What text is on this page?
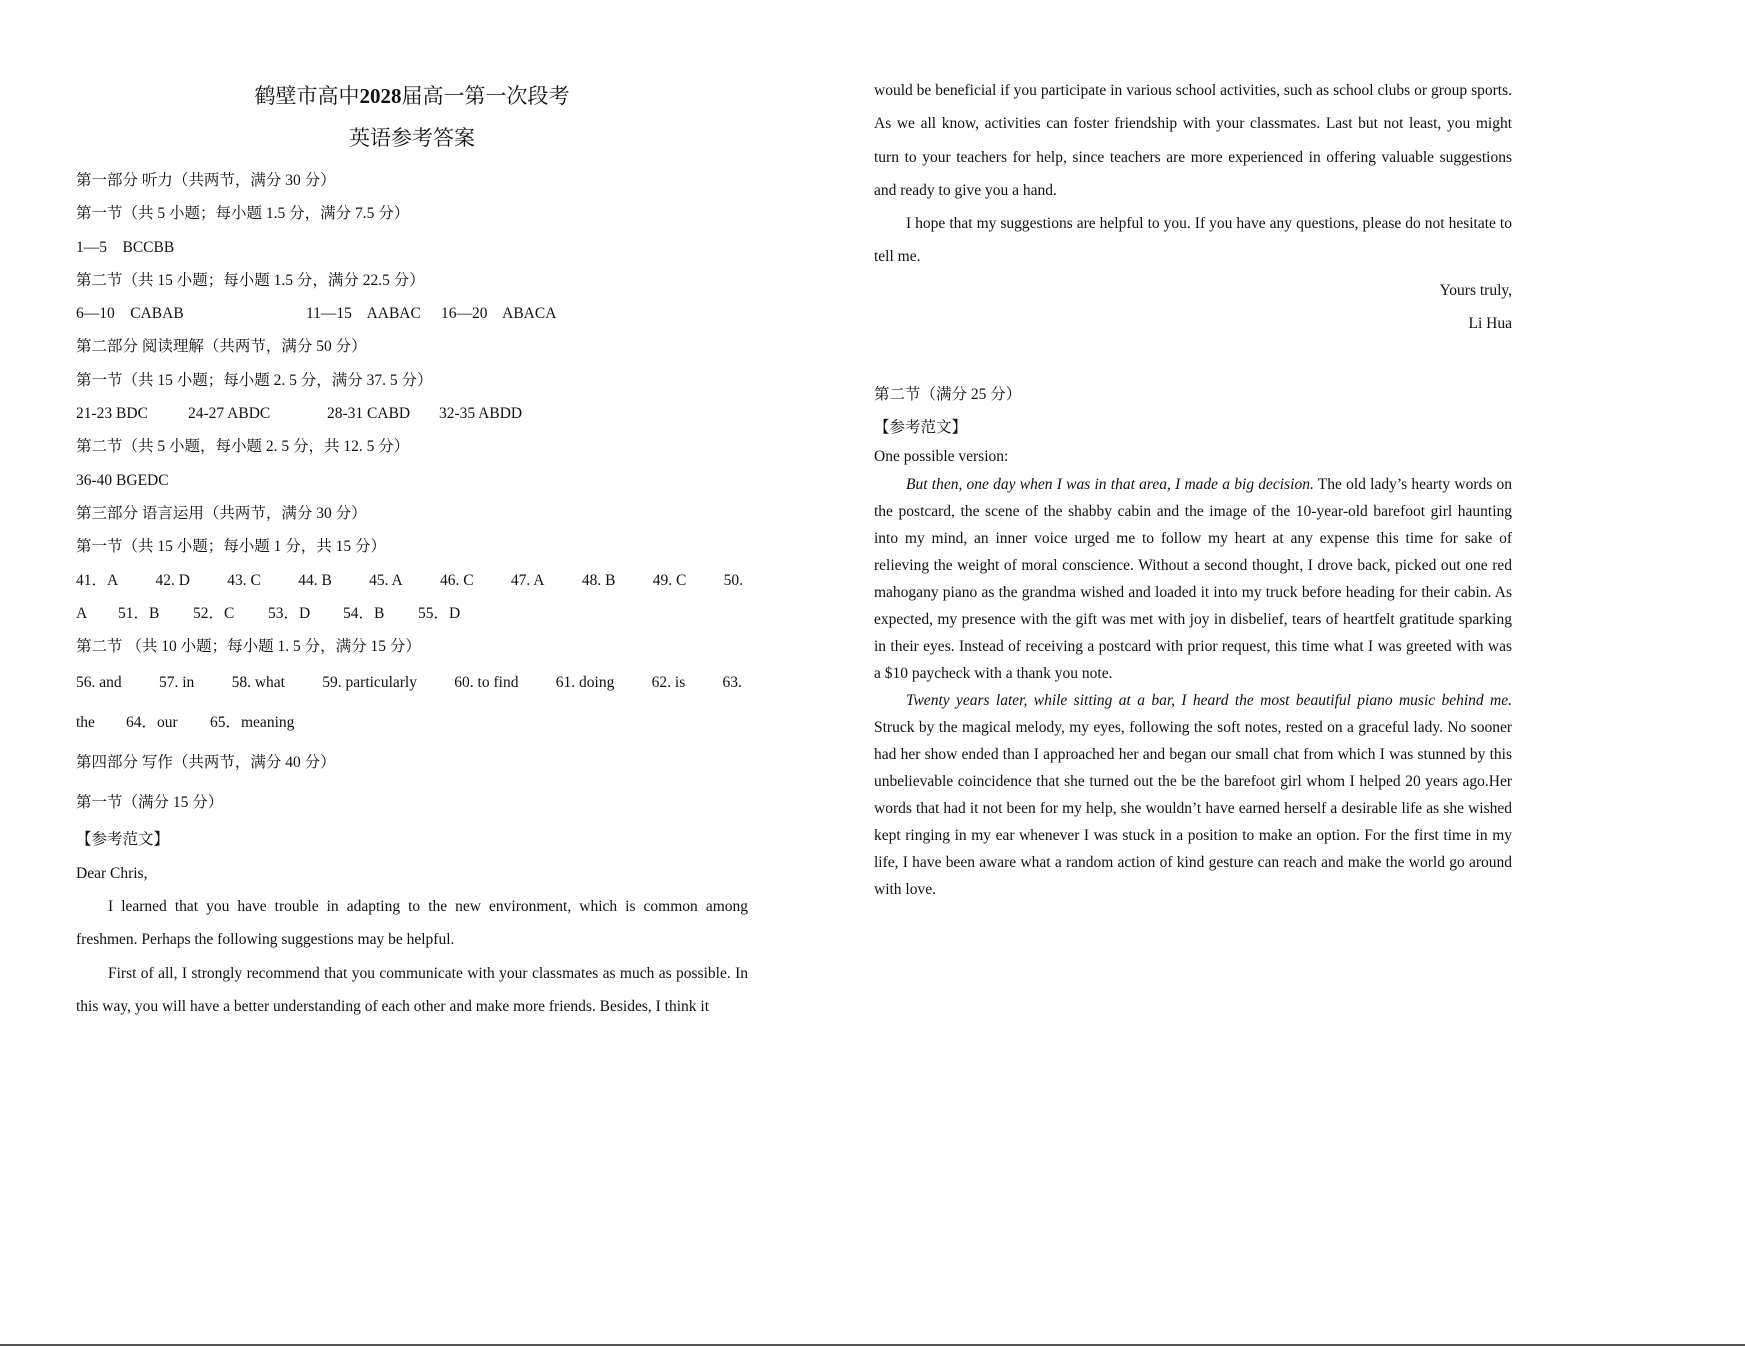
鹤壁市高中2028届高一第一次段考
英语参考答案
第一部分 听力（共两节，满分 30 分）
第一节（共 5 小题；每小题 1.5 分，满分 7.5 分）
1—5    BCCBB
第二节（共 15 小题；每小题 1.5 分，满分 22.5 分）
6—10    CABAB	11—15    AABAC	16—20    ABACA
第二部分 阅读理解（共两节，满分 50 分）
第一节（共 15 小题；每小题 2. 5 分，满分 37. 5 分）
21-23 BDC	24-27 ABDC	28-31 CABD	32-35 ABDD
第二节（共 5 小题，每小题 2. 5 分，共 12. 5 分）
36-40 BGEDC
第三部分 语言运用（共两节，满分 30 分）
第一节（共 15 小题；每小题 1 分，共 15 分）
41．A 42. D 43. C 44. B 45. A 46. C 47. A 48. B 49. C 50.
A	51．B	52．C	53．D	54．B	55．D
第二节 （共 10 小题；每小题 1. 5 分，满分 15 分）
56. and 57. in 58. what 59. particularly 60. to find 61. doing 62. is 63.
the	64．our	65．meaning
第四部分 写作（共两节，满分 40 分）
第一节（满分 15 分）
【参考范文】
Dear Chris,
I learned that you have trouble in adapting to the new environment, which is common among freshmen. Perhaps the following suggestions may be helpful.
First of all, I strongly recommend that you communicate with your classmates as much as possible. In this way, you will have a better understanding of each other and make more friends. Besides, I think it
would be beneficial if you participate in various school activities, such as school clubs or group sports. As we all know, activities can foster friendship with your classmates. Last but not least, you might turn to your teachers for help, since teachers are more experienced in offering valuable suggestions and ready to give you a hand.
I hope that my suggestions are helpful to you. If you have any questions, please do not hesitate to tell me.
Yours truly,
Li Hua
第二节（满分 25 分）
【参考范文】
One possible version:
But then, one day when I was in that area, I made a big decision. The old lady’s hearty words on the postcard, the scene of the shabby cabin and the image of the 10-year-old barefoot girl haunting into my mind, an inner voice urged me to follow my heart at any expense this time for sake of relieving the weight of moral conscience. Without a second thought, I drove back, picked out one red mahogany piano as the grandma wished and loaded it into my truck before heading for their cabin. As expected, my presence with the gift was met with joy in disbelief, tears of heartfelt gratitude sparking in their eyes. Instead of receiving a postcard with prior request, this time what I was greeted with was a $10 paycheck with a thank you note.
Twenty years later, while sitting at a bar, I heard the most beautiful piano music behind me. Struck by the magical melody, my eyes, following the soft notes, rested on a graceful lady. No sooner had her show ended than I approached her and began our small chat from which I was stunned by this unbelievable coincidence that she turned out the be the barefoot girl whom I helped 20 years ago.Her words that had it not been for my help, she wouldn’t have earned herself a desirable life as she wished kept ringing in my ear whenever I was stuck in a position to make an option. For the first time in my life, I have been aware what a random action of kind gesture can reach and make the world go around with love.
